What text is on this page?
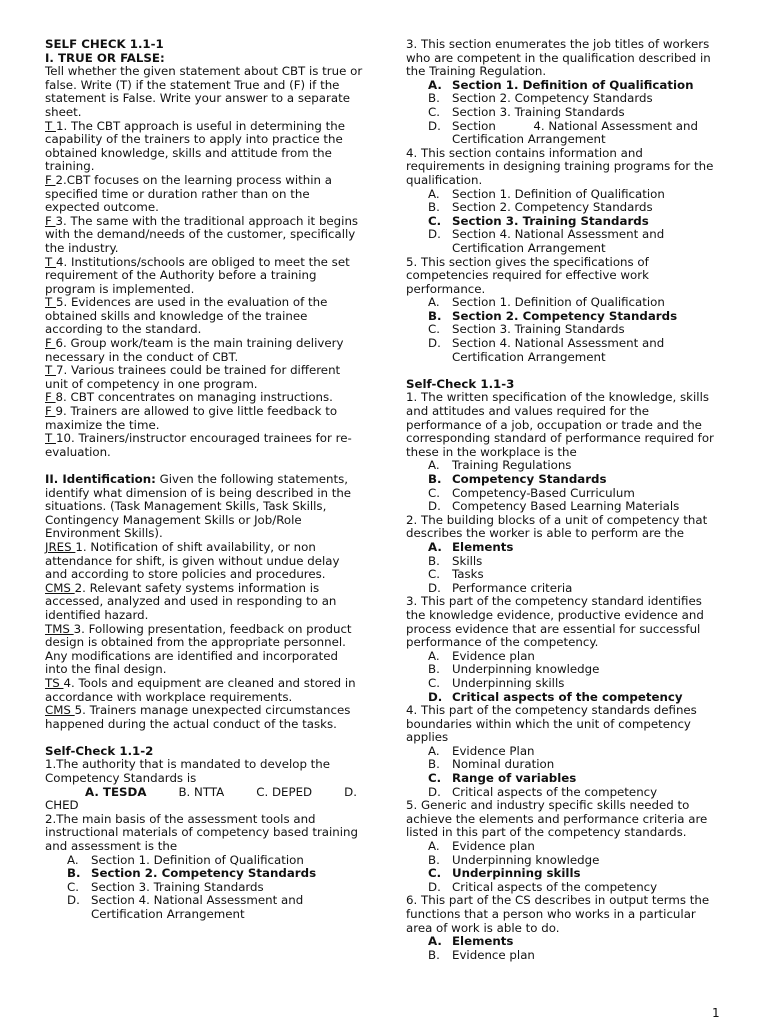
SELF CHECK 1.1-1

I. TRUE OR FALSE:

Tell whether the given statement about CBT is true or false. Write (T) if the statement True and (F) if the statement is False. Write your answer to a separate sheet.

T 1. The CBT approach is useful in determining the capability of the trainers to apply into practice the obtained knowledge, skills and attitude from the training.

F 2.CBT focuses on the learning process within a specified time or duration rather than on the expected outcome.

F 3. The same with the traditional approach it begins with the demand/needs of the customer, specifically the industry.

T 4. Institutions/schools are obliged to meet the set requirement of the Authority before a training program is implemented.

T 5. Evidences are used in the evaluation of the obtained skills and knowledge of the trainee according to the standard.

F 6. Group work/team is the main training delivery necessary in the conduct of CBT.

T 7. Various trainees could be trained for different unit of competency in one program.

F 8. CBT concentrates on managing instructions.

F 9. Trainers are allowed to give little feedback to maximize the time.

T 10. Trainers/instructor encouraged trainees for re-evaluation.

II. Identification: Given the following statements, identify what dimension of is being described in the situations. (Task Management Skills, Task Skills, Contingency Management Skills or Job/Role Environment Skills).

JRES 1. Notification of shift availability, or non attendance for shift, is given without undue delay and according to store policies and procedures.

CMS 2. Relevant safety systems information is accessed, analyzed and used in responding to an identified hazard.

TMS 3. Following presentation, feedback on product design is obtained from the appropriate personnel. Any modifications are identified and incorporated into the final design.

TS 4. Tools and equipment are cleaned and stored in accordance with workplace requirements.

CMS 5. Trainers manage unexpected circumstances happened during the actual conduct of the tasks.

Self-Check 1.1-2

1.The authority that is mandated to develop the Competency Standards is

A. TESDA	B. NTTA	C. DEPED	D.

CHED

2.The main basis of the assessment tools and instructional materials of competency based training and assessment is the

A.	Section 1. Definition of Qualification
B. Section 2. Competency Standards
C.	Section 3. Training Standards
D. Section 4. National Assessment and Certification Arrangement

3. This section enumerates the job titles of workers who are competent in the qualification described in the Training Regulation.

A. Section 1. Definition of Qualification
B.	Section 2. Competency Standards
C.	Section 3. Training Standards
D. Section          4. National Assessment and Certification Arrangement

4. This section contains information and requirements in designing training programs for the qualification.

A.	Section 1. Definition of Qualification
B.	Section 2. Competency Standards
C. Section 3. Training Standards
D. Section 4. National Assessment and Certification Arrangement

5. This section gives the specifications of competencies required for effective work performance.

A.	Section 1. Definition of Qualification
B. Section 2. Competency Standards
C.	Section 3. Training Standards
D. Section 4. National Assessment and Certification Arrangement

Self-Check 1.1-3

1. The written specification of the knowledge, skills and attitudes and values required for the performance of a job, occupation or trade and the corresponding standard of performance required for these in the workplace is the

A.	Training Regulations
B. Competency Standards
C.	Competency-Based Curriculum
D. Competency Based Learning Materials

2. The building blocks of a unit of competency that describes the worker is able to perform are the

A. Elements
B.	Skills
C.	Tasks
D. Performance criteria

3. This part of the competency standard identifies the knowledge evidence, productive evidence and process evidence that are essential for successful performance of the competency.

A.	Evidence plan
B.	Underpinning knowledge
C.	Underpinning skills
D. Critical aspects of the competency

4. This part of the competency standards defines boundaries within which the unit of competency applies

A.	Evidence Plan
B.	Nominal duration
C. Range of variables
D. Critical aspects of the competency

5. Generic and industry specific skills needed to achieve the elements and performance criteria are listed in this part of the competency standards.

A.	Evidence plan
B.	Underpinning knowledge
C. Underpinning skills
D. Critical aspects of the competency

6. This part of the CS describes in output terms the functions that a person who works in a particular area of work is able to do.

A. Elements
B.	Evidence plan
1
